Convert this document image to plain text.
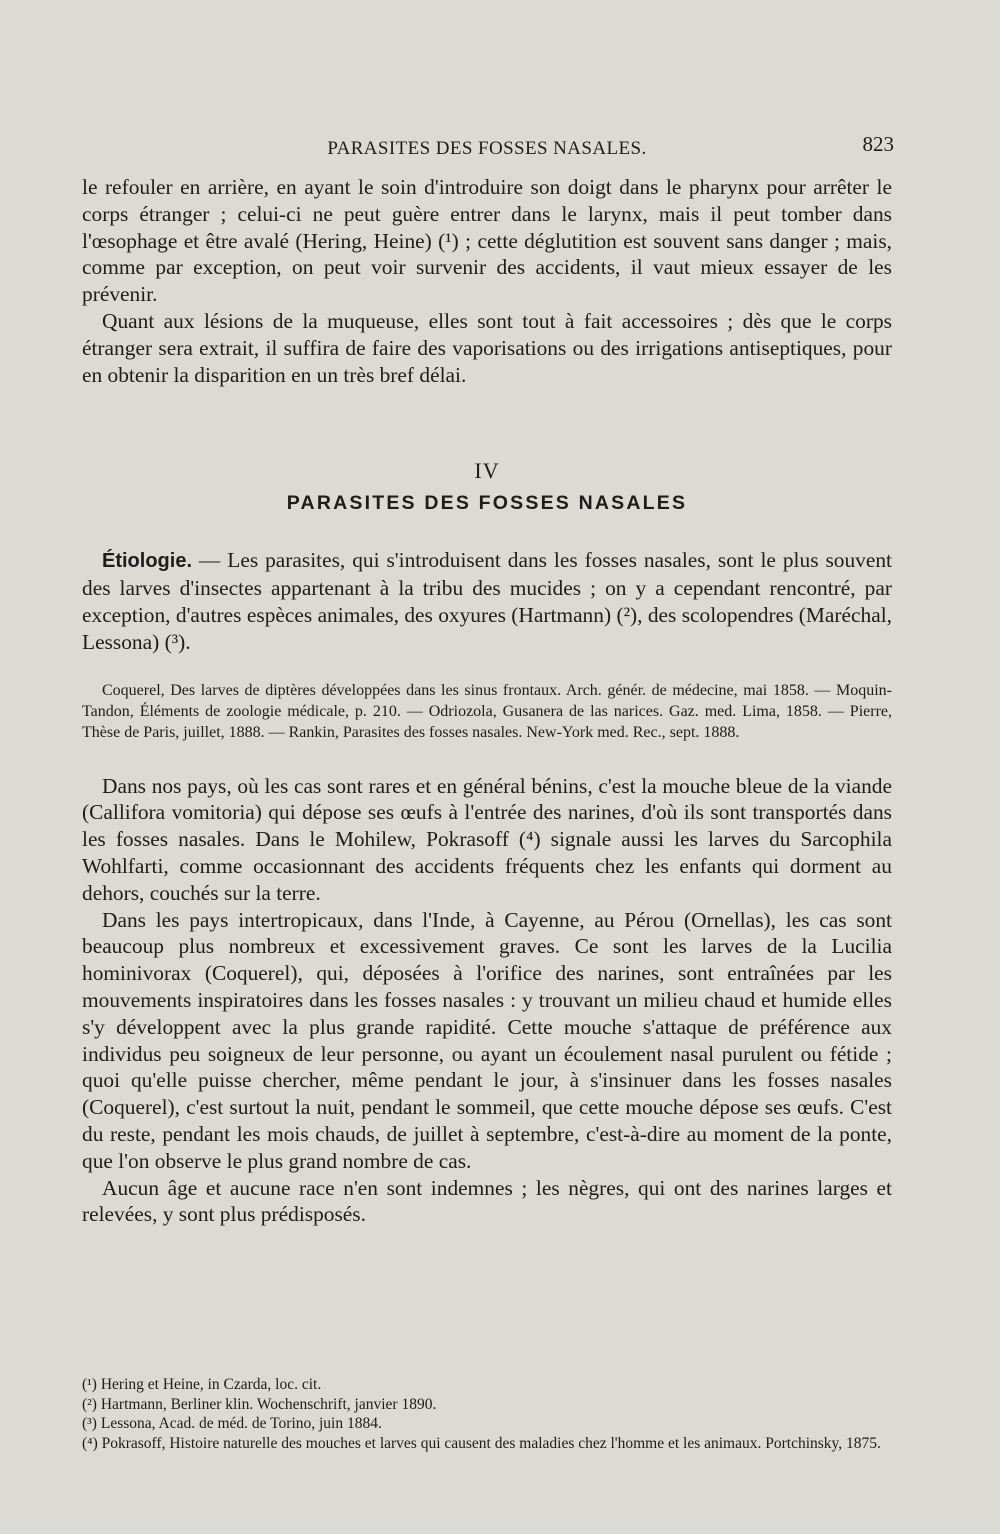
PARASITES DES FOSSES NASALES.	823

le refouler en arrière, en ayant le soin d'introduire son doigt dans le pharynx pour arrêter le corps étranger ; celui-ci ne peut guère entrer dans le larynx, mais il peut tomber dans l'œsophage et être avalé (Hering, Heine) (¹) ; cette déglutition est souvent sans danger ; mais, comme par exception, on peut voir survenir des accidents, il vaut mieux essayer de les prévenir.

Quant aux lésions de la muqueuse, elles sont tout à fait accessoires ; dès que le corps étranger sera extrait, il suffira de faire des vaporisations ou des irrigations antiseptiques, pour en obtenir la disparition en un très bref délai.

IV
PARASITES DES FOSSES NASALES

Étiologie. — Les parasites, qui s'introduisent dans les fosses nasales, sont le plus souvent des larves d'insectes appartenant à la tribu des mucides ; on y a cependant rencontré, par exception, d'autres espèces animales, des oxyures (Hartmann) (²), des scolopendres (Maréchal, Lessona) (³).

Coquerel, Des larves de diptères développées dans les sinus frontaux. Arch. génér. de médecine, mai 1858. — Moquin-Tandon, Éléments de zoologie médicale, p. 210. — Odriozola, Gusanera de las narices. Gaz. med. Lima, 1858. — Pierre, Thèse de Paris, juillet, 1888. — Rankin, Parasites des fosses nasales. New-York med. Rec., sept. 1888.

Dans nos pays, où les cas sont rares et en général bénins, c'est la mouche bleue de la viande (Callifora vomitoria) qui dépose ses œufs à l'entrée des narines, d'où ils sont transportés dans les fosses nasales. Dans le Mohilew, Pokrasoff (⁴) signale aussi les larves du Sarcophila Wohlfarti, comme occasionnant des accidents fréquents chez les enfants qui dorment au dehors, couchés sur la terre.

Dans les pays intertropicaux, dans l'Inde, à Cayenne, au Pérou (Ornellas), les cas sont beaucoup plus nombreux et excessivement graves. Ce sont les larves de la Lucilia hominivorax (Coquerel), qui, déposées à l'orifice des narines, sont entraînées par les mouvements inspiratoires dans les fosses nasales : y trouvant un milieu chaud et humide elles s'y développent avec la plus grande rapidité. Cette mouche s'attaque de préférence aux individus peu soigneux de leur personne, ou ayant un écoulement nasal purulent ou fétide ; quoi qu'elle puisse chercher, même pendant le jour, à s'insinuer dans les fosses nasales (Coquerel), c'est surtout la nuit, pendant le sommeil, que cette mouche dépose ses œufs. C'est du reste, pendant les mois chauds, de juillet à septembre, c'est-à-dire au moment de la ponte, que l'on observe le plus grand nombre de cas.

Aucun âge et aucune race n'en sont indemnes ; les nègres, qui ont des narines larges et relevées, y sont plus prédisposés.

(¹) Hering et Heine, in Czarda, loc. cit.
(²) Hartmann, Berliner klin. Wochenschrift, janvier 1890.
(³) Lessona, Acad. de méd. de Torino, juin 1884.
(⁴) Pokrasoff, Histoire naturelle des mouches et larves qui causent des maladies chez l'homme et les animaux. Portchinsky, 1875.
